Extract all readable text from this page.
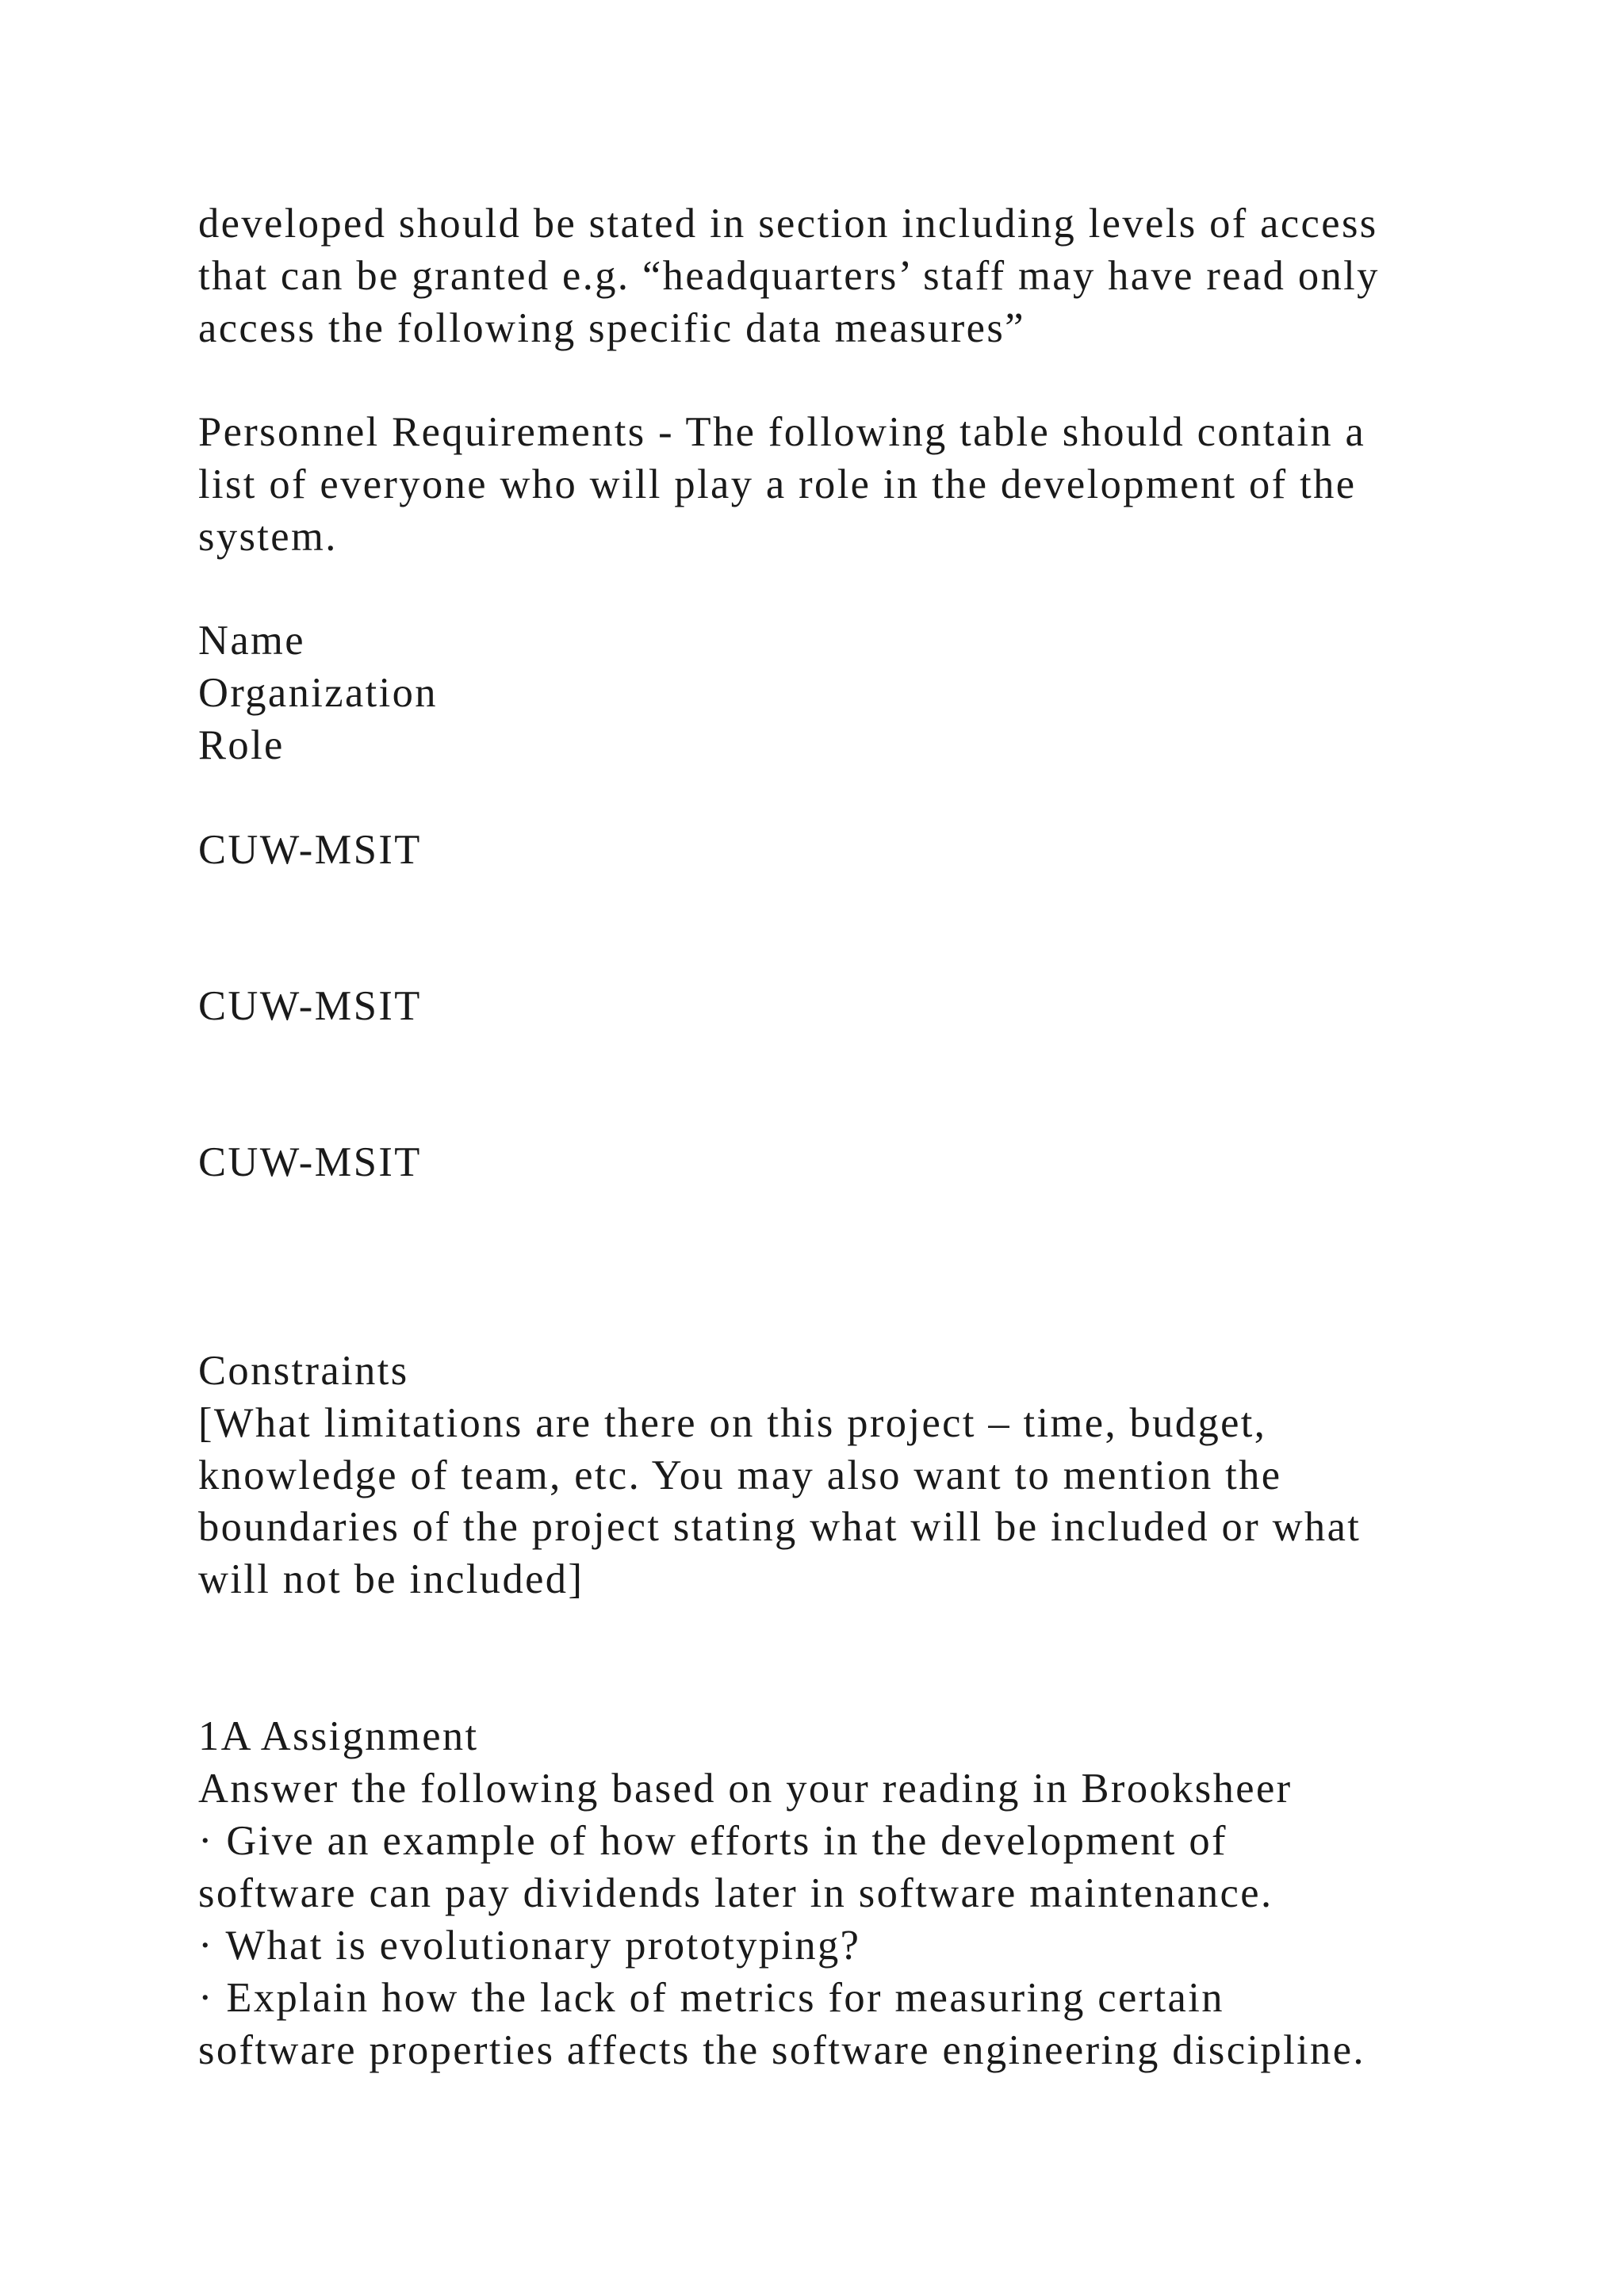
developed should be stated in section including levels of access
that can be granted e.g. “headquarters’ staff may have read only
access the following specific data measures”
Personnel Requirements - The following table should contain a
list of everyone who will play a role in the development of the
system.
Name
Organization
Role
CUW-MSIT
CUW-MSIT
CUW-MSIT
Constraints
[What limitations are there on this project – time, budget,
knowledge of team, etc. You may also want to mention the
boundaries of the project stating what will be included or what
will not be included]
1A Assignment
Answer the following based on your reading in Brooksheer
· Give an example of how efforts in the development of
software can pay dividends later in software maintenance.
· What is evolutionary prototyping?
· Explain how the lack of metrics for measuring certain
software properties affects the software engineering discipline.
